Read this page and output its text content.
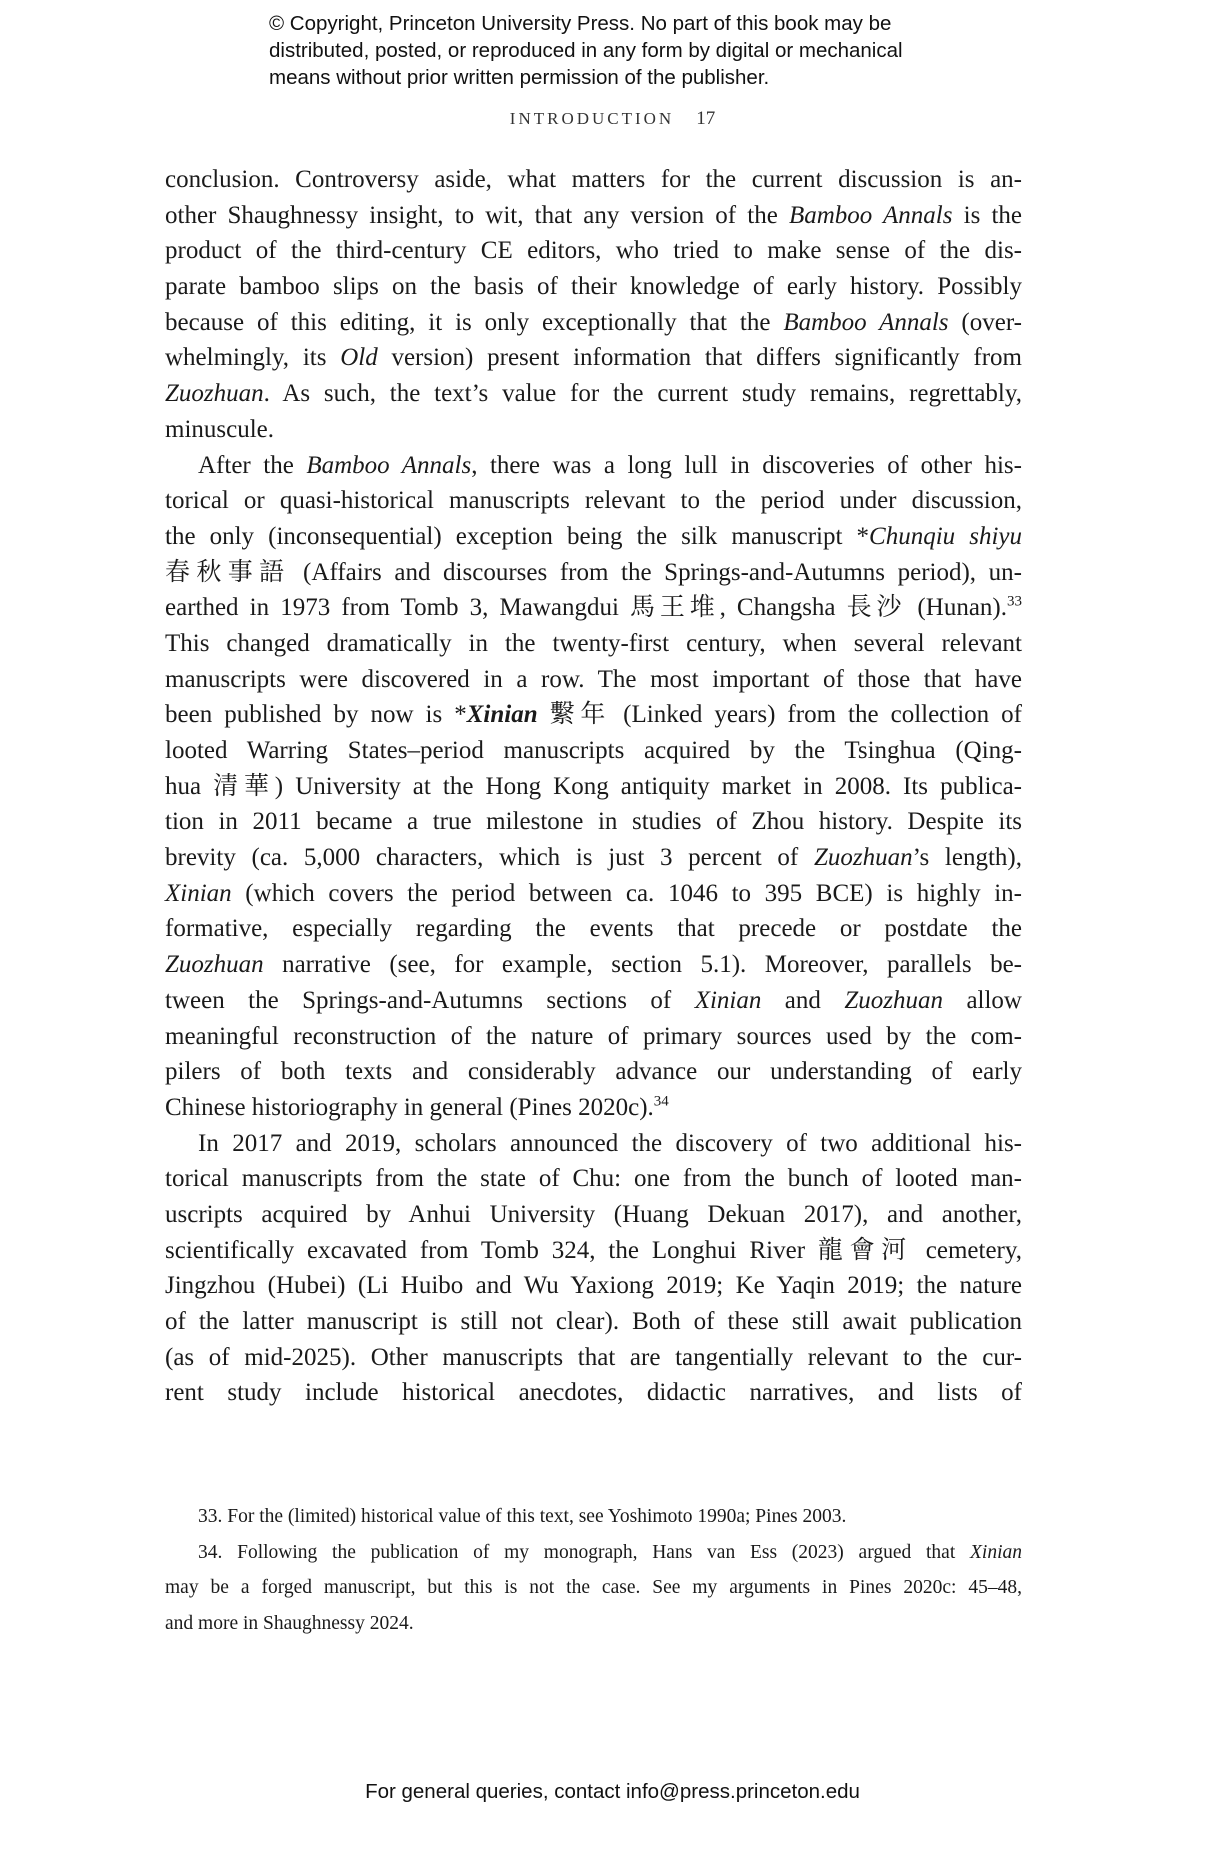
© Copyright, Princeton University Press. No part of this book may be
distributed, posted, or reproduced in any form by digital or mechanical
means without prior written permission of the publisher.
INTRODUCTION 17
conclusion. Controversy aside, what matters for the current discussion is an-
other Shaughnessy insight, to wit, that any version of the Bamboo Annals is the
product of the third-century CE editors, who tried to make sense of the dis-
parate bamboo slips on the basis of their knowledge of early history. Possibly
because of this editing, it is only exceptionally that the Bamboo Annals (over-
whelmingly, its Old version) present information that differs significantly from
Zuozhuan. As such, the text’s value for the current study remains, regrettably,
minuscule.
After the Bamboo Annals, there was a long lull in discoveries of other his-
torical or quasi-historical manuscripts relevant to the period under discussion,
the only (inconsequential) exception being the silk manuscript *Chunqiu shiyu
春秋事語 (Affairs and discourses from the Springs-and-Autumns period), un-
earthed in 1973 from Tomb 3, Mawangdui 馬王堆, Changsha 長沙 (Hunan).$^{33}$
This changed dramatically in the twenty-first century, when several relevant
manuscripts were discovered in a row. The most important of those that have
been published by now is *Xinian 繫年 (Linked years) from the collection of
looted Warring States–period manuscripts acquired by the Tsinghua (Qing-
hua 清華) University at the Hong Kong antiquity market in 2008. Its publica-
tion in 2011 became a true milestone in studies of Zhou history. Despite its
brevity (ca. 5,000 characters, which is just 3 percent of Zuozhuan’s length),
Xinian (which covers the period between ca. 1046 to 395 BCE) is highly in-
formative, especially regarding the events that precede or postdate the
Zuozhuan narrative (see, for example, section 5.1). Moreover, parallels be-
tween the Springs-and-Autumns sections of Xinian and Zuozhuan allow
meaningful reconstruction of the nature of primary sources used by the com-
pilers of both texts and considerably advance our understanding of early
Chinese historiography in general (Pines 2020c).$^{34}$
In 2017 and 2019, scholars announced the discovery of two additional his-
torical manuscripts from the state of Chu: one from the bunch of looted man-
uscripts acquired by Anhui University (Huang Dekuan 2017), and another,
scientifically excavated from Tomb 324, the Longhui River 龍會河 cemetery,
Jingzhou (Hubei) (Li Huibo and Wu Yaxiong 2019; Ke Yaqin 2019; the nature
of the latter manuscript is still not clear). Both of these still await publication
(as of mid-2025). Other manuscripts that are tangentially relevant to the cur-
rent study include historical anecdotes, didactic narratives, and lists of
33. For the (limited) historical value of this text, see Yoshimoto 1990a; Pines 2003.
34. Following the publication of my monograph, Hans van Ess (2023) argued that Xinian
may be a forged manuscript, but this is not the case. See my arguments in Pines 2020c: 45–48,
and more in Shaughnessy 2024.
For general queries, contact info@press.princeton.edu
